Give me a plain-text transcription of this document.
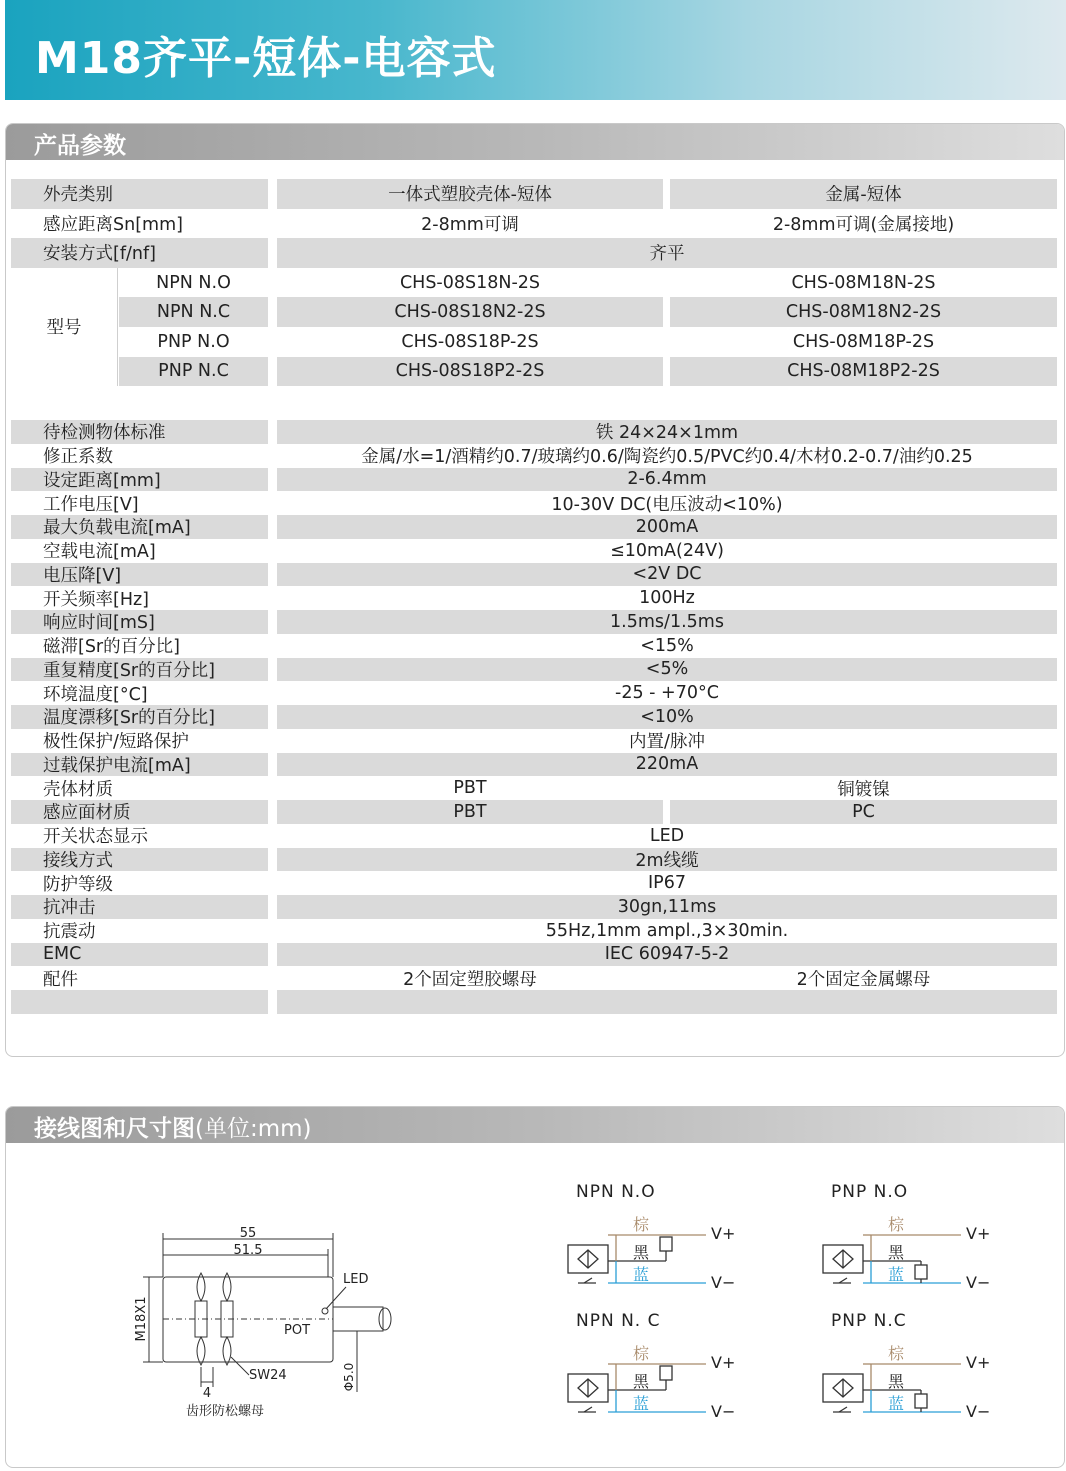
M18齐平-短体-电容式
产品参数
外壳类别	一体式塑胶壳体-短体	金属-短体
感应距离Sn[mm]	2-8mm可调	2-8mm可调(金属接地)
安装方式[f/nf]	齐平
型号
NPN N.O	CHS-08S18N-2S	CHS-08M18N-2S
NPN N.C	CHS-08S18N2-2S	CHS-08M18N2-2S
PNP N.O	CHS-08S18P-2S	CHS-08M18P-2S
PNP N.C	CHS-08S18P2-2S	CHS-08M18P2-2S
待检测物体标准	铁 24×24×1mm
修正系数	金属/水=1/酒精约0.7/玻璃约0.6/陶瓷约0.5/PVC约0.4/木材0.2-0.7/油约0.25
设定距离[mm]	2-6.4mm
工作电压[V]	10-30V DC(电压波动<10%)
最大负载电流[mA]	200mA
空载电流[mA]	≤10mA(24V)
电压降[V]	<2V DC
开关频率[Hz]	100Hz
响应时间[mS]	1.5ms/1.5ms
磁滞[Sr的百分比]	<15%
重复精度[Sr的百分比]	<5%
环境温度[°C]	-25 - +70°C
温度漂移[Sr的百分比]	<10%
极性保护/短路保护	内置/脉冲
过载保护电流[mA]	220mA
壳体材质	PBT	铜镀镍
感应面材质	PBT	PC
开关状态显示	LED
接线方式	2m线缆
防护等级	IP67
抗冲击	30gn,11ms
抗震动	55Hz,1mm ampl.,3×30min.
EMC	IEC 60947-5-2
配件	2个固定塑胶螺母	2个固定金属螺母
接线图和尺寸图(单位:mm)
55
51.5
M18X1
LED
POT
SW24	Φ5.0
4
齿形防松螺母
NPN N.O
棕
黑
蓝
V+
V−
PNP N.O
棕
黑
蓝
V+
V−
NPN N. C
棕
黑
蓝
V+
V−
PNP N.C
棕
黑
蓝
V+
V−
